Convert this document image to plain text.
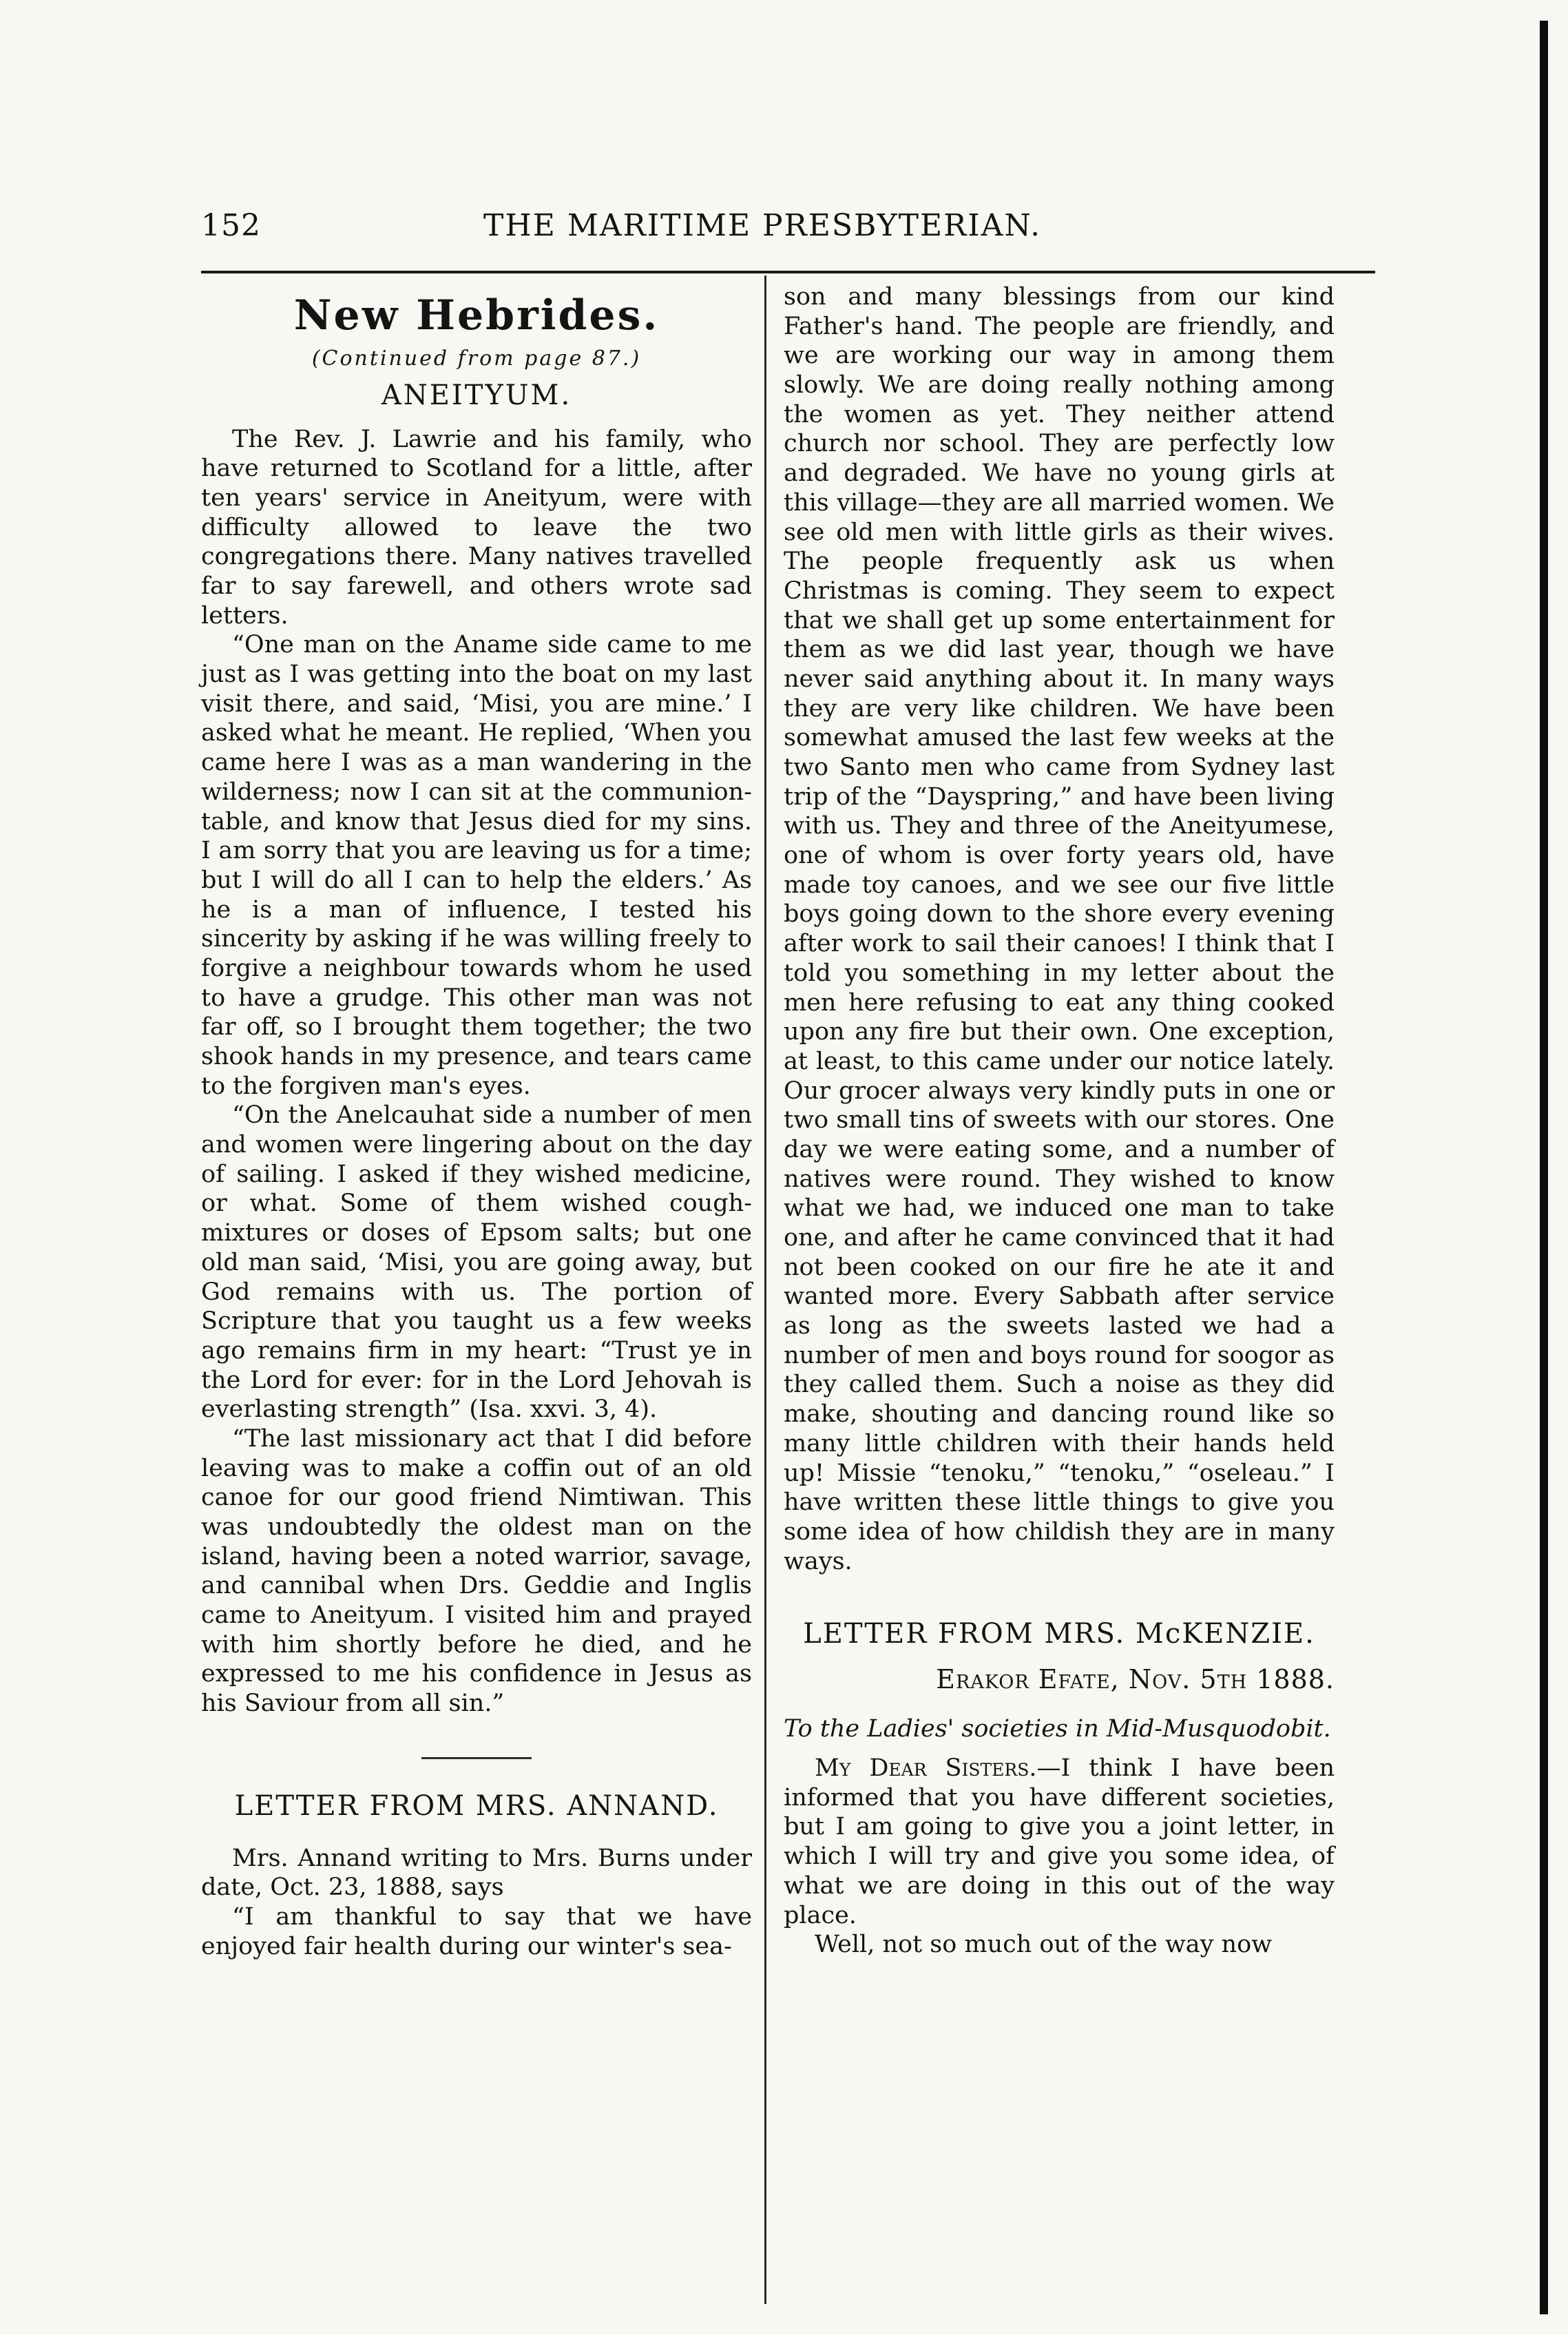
152	THE MARITIME PRESBYTERIAN.
New Hebrides.
(Continued from page 87.)
ANEITYUM.

The Rev. J. Lawrie and his family, who have returned to Scotland for a little, after ten years' service in Aneityum, were with difficulty allowed to leave the two congregations there. Many natives travelled far to say farewell, and others wrote sad letters.

“One man on the Aname side came to me just as I was getting into the boat on my last visit there, and said, ‘Misi, you are mine.’ I asked what he meant. He replied, ‘When you came here I was as a man wandering in the wilderness; now I can sit at the communion-table, and know that Jesus died for my sins. I am sorry that you are leaving us for a time; but I will do all I can to help the elders.’ As he is a man of influence, I tested his sincerity by asking if he was willing freely to forgive a neighbour towards whom he used to have a grudge. This other man was not far off, so I brought them together; the two shook hands in my presence, and tears came to the forgiven man's eyes.

“On the Anelcauhat side a number of men and women were lingering about on the day of sailing. I asked if they wished medicine, or what. Some of them wished cough-mixtures or doses of Epsom salts; but one old man said, ‘Misi, you are going away, but God remains with us. The portion of Scripture that you taught us a few weeks ago remains firm in my heart: “Trust ye in the Lord for ever: for in the Lord Jehovah is everlasting strength” (Isa. xxvi. 3, 4).

“The last missionary act that I did before leaving was to make a coffin out of an old canoe for our good friend Nimtiwan. This was undoubtedly the oldest man on the island, having been a noted warrior, savage, and cannibal when Drs. Geddie and Inglis came to Aneityum. I visited him and prayed with him shortly before he died, and he expressed to me his confidence in Jesus as his Saviour from all sin.”

LETTER FROM MRS. ANNAND.

Mrs. Annand writing to Mrs. Burns under date, Oct. 23, 1888, says

“I am thankful to say that we have enjoyed fair health during our winter's sea-

son and many blessings from our kind Father's hand. The people are friendly, and we are working our way in among them slowly. We are doing really nothing among the women as yet. They neither attend church nor school. They are perfectly low and degraded. We have no young girls at this village—they are all married women. We see old men with little girls as their wives. The people frequently ask us when Christmas is coming. They seem to expect that we shall get up some entertainment for them as we did last year, though we have never said anything about it. In many ways they are very like children. We have been somewhat amused the last few weeks at the two Santo men who came from Sydney last trip of the “Dayspring,” and have been living with us. They and three of the Aneityumese, one of whom is over forty years old, have made toy canoes, and we see our five little boys going down to the shore every evening after work to sail their canoes! I think that I told you something in my letter about the men here refusing to eat any thing cooked upon any fire but their own. One exception, at least, to this came under our notice lately. Our grocer always very kindly puts in one or two small tins of sweets with our stores. One day we were eating some, and a number of natives were round. They wished to know what we had, we induced one man to take one, and after he came convinced that it had not been cooked on our fire he ate it and wanted more. Every Sabbath after service as long as the sweets lasted we had a number of men and boys round for soogor as they called them. Such a noise as they did make, shouting and dancing round like so many little children with their hands held up! Missie “tenoku,” “tenoku,” “oseleau.” I have written these little things to give you some idea of how childish they are in many ways.

LETTER FROM MRS. McKENZIE.
Erakor Efate, Nov. 5th 1888.
To the Ladies' societies in Mid-Musquodobit.

My Dear Sisters.—I think I have been informed that you have different societies, but I am going to give you a joint letter, in which I will try and give you some idea, of what we are doing in this out of the way place.

Well, not so much out of the way now
